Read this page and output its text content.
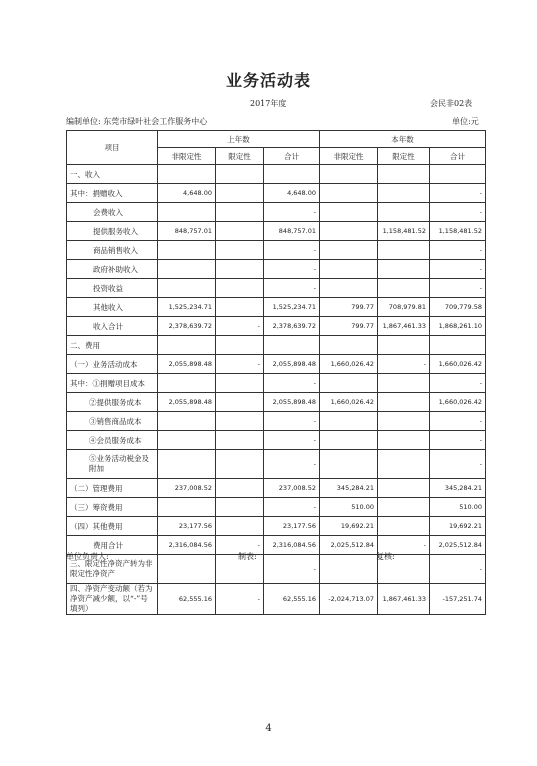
业务活动表
2017年度	会民非02表
编制单位: 东莞市绿叶社会工作服务中心	单位:元
项目	上年数			本年数		
	非限定性	限定性	合计	非限定性	限定性	合计
一、收入						
其中：捐赠收入	4,648.00		4,648.00			-
会费收入			-			-
提供服务收入	848,757.01		848,757.01		1,158,481.52	1,158,481.52
商品销售收入			-			-
政府补助收入			-			-
投资收益			-			-
其他收入	1,525,234.71		1,525,234.71	799.77	708,979.81	709,779.58
收入合计	2,378,639.72	-	2,378,639.72	799.77	1,867,461.33	1,868,261.10
二、费用						
（一）业务活动成本	2,055,898.48	-	2,055,898.48	1,660,026.42	-	1,660,026.42
其中：①捐赠项目成本			-			-
②提供服务成本	2,055,898.48		2,055,898.48	1,660,026.42		1,660,026.42
③销售商品成本			-			-
④会员服务成本			-			-
⑤业务活动税金及附加			-			-
（二）管理费用	237,008.52		237,008.52	345,284.21		345,284.21
（三）筹资费用			-	510.00		510.00
（四）其他费用	23,177.56		23,177.56	19,692.21		19,692.21
费用合计	2,316,084.56	-	2,316,084.56	2,025,512.84	-	2,025,512.84
三、限定性净资产转为非限定性净资产			-			-
四、净资产变动额（若为净资产减少额，以“-”号填列）	62,555.16	-	62,555.16	-2,024,713.07	1,867,461.33	-157,251.74
单位负责人:	制表:	复核:
4
